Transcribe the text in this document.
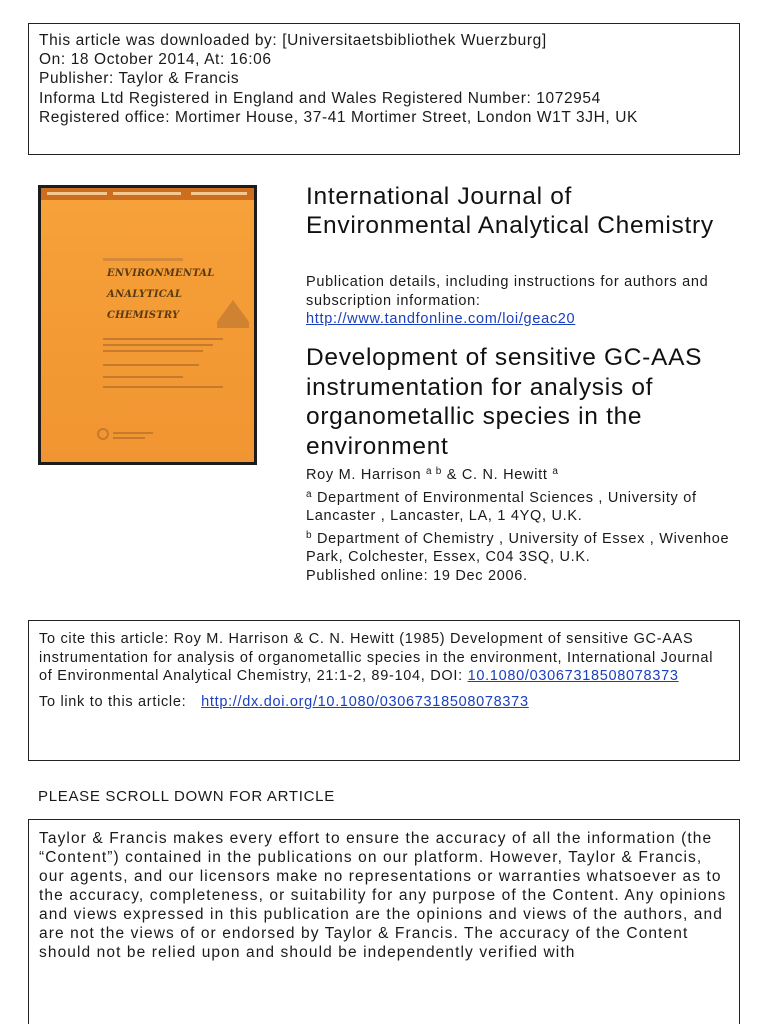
This article was downloaded by: [Universitaetsbibliothek Wuerzburg]
On: 18 October 2014, At: 16:06
Publisher: Taylor & Francis
Informa Ltd Registered in England and Wales Registered Number: 1072954
Registered office: Mortimer House, 37-41 Mortimer Street, London W1T 3JH, UK
ENVIRONMENTAL
ANALYTICAL
CHEMISTRY
International Journal of Environmental Analytical Chemistry
Publication details, including instructions for authors and subscription information:
http://www.tandfonline.com/loi/geac20
Development of sensitive GC-AAS instrumentation for analysis of organometallic species in the environment
Roy M. Harrison $^{a b}$ & C. N. Hewitt $^a$
$^a$ Department of Environmental Sciences , University of Lancaster , Lancaster, LA, 1 4YQ, U.K.
$^b$ Department of Chemistry , University of Essex , Wivenhoe Park, Colchester, Essex, C04 3SQ, U.K.
Published online: 19 Dec 2006.
To cite this article: Roy M. Harrison & C. N. Hewitt (1985) Development of sensitive GC-AAS instrumentation for analysis of organometallic species in the environment, International Journal of Environmental Analytical Chemistry, 21:1-2, 89-104, DOI: 10.1080/03067318508078373
To link to this article: http://dx.doi.org/10.1080/03067318508078373
PLEASE SCROLL DOWN FOR ARTICLE
Taylor & Francis makes every effort to ensure the accuracy of all the information (the “Content”) contained in the publications on our platform. However, Taylor & Francis, our agents, and our licensors make no representations or warranties whatsoever as to the accuracy, completeness, or suitability for any purpose of the Content. Any opinions and views expressed in this publication are the opinions and views of the authors, and are not the views of or endorsed by Taylor & Francis. The accuracy of the Content should not be relied upon and should be independently verified with
